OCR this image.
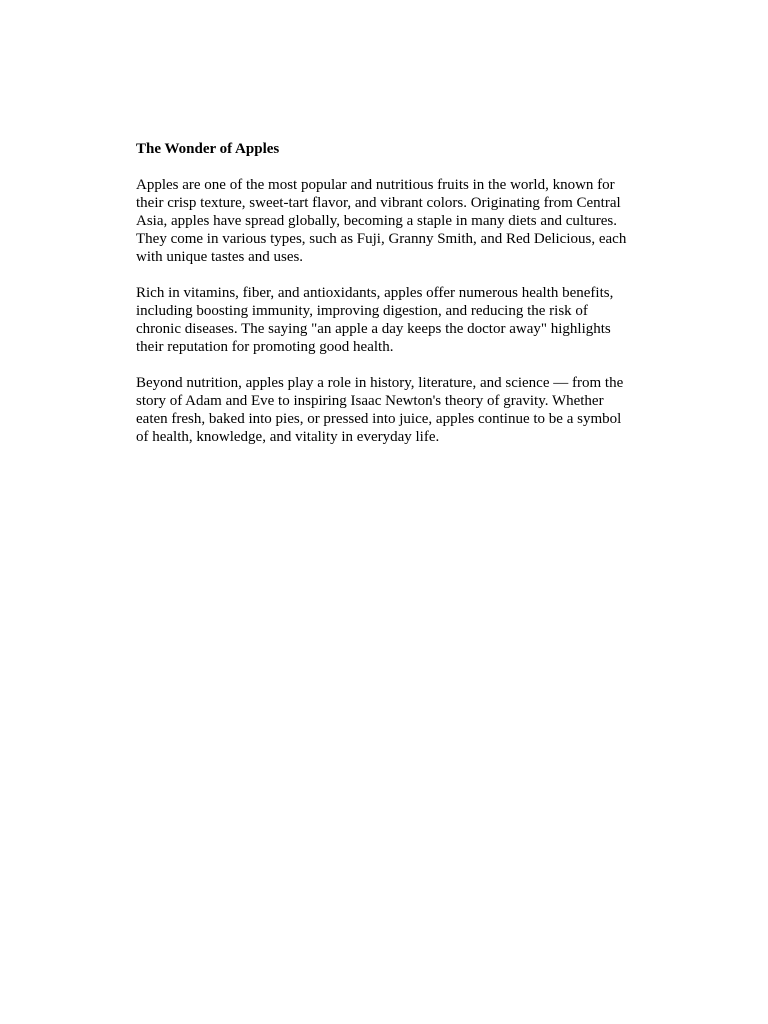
The Wonder of Apples

Apples are one of the most popular and nutritious fruits in the world, known for their crisp texture, sweet-tart flavor, and vibrant colors. Originating from Central Asia, apples have spread globally, becoming a staple in many diets and cultures. They come in various types, such as Fuji, Granny Smith, and Red Delicious, each with unique tastes and uses.

Rich in vitamins, fiber, and antioxidants, apples offer numerous health benefits, including boosting immunity, improving digestion, and reducing the risk of chronic diseases. The saying "an apple a day keeps the doctor away" highlights their reputation for promoting good health.

Beyond nutrition, apples play a role in history, literature, and science — from the story of Adam and Eve to inspiring Isaac Newton's theory of gravity. Whether eaten fresh, baked into pies, or pressed into juice, apples continue to be a symbol of health, knowledge, and vitality in everyday life.
